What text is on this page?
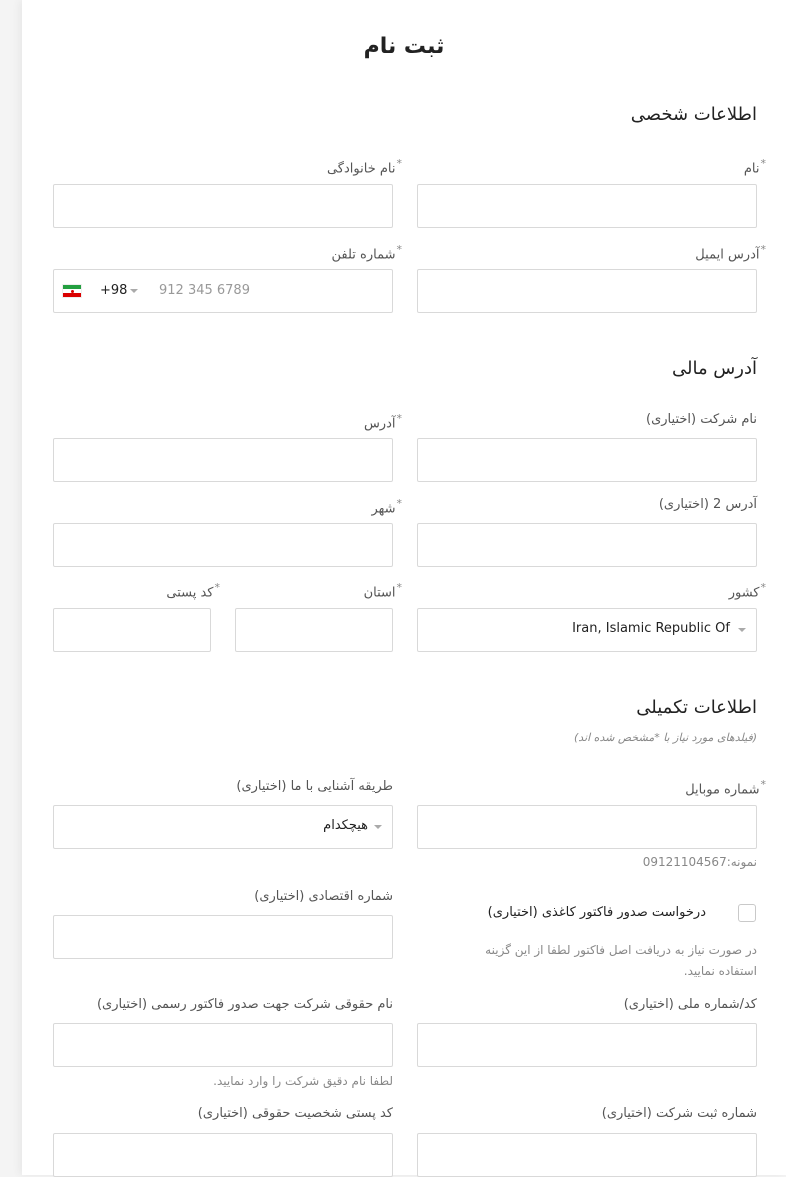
ثبت نام
اطلاعات شخصی
*نام
*نام خانوادگی
*آدرس ایمیل
*شماره تلفن
98+ 912 345 6789
آدرس مالی
نام شرکت (اختیاری)
*آدرس
آدرس 2 (اختیاری)
*شهر
*کشور
Iran, Islamic Republic Of
*استان
*کد پستی
اطلاعات تکمیلی
(فیلدهای مورد نیاز با *مشخص شده اند)
*شماره موبایل
نمونه:09121104567
طریقه آشنایی با ما (اختیاری)
هیچکدام
درخواست صدور فاکتور کاغذی (اختیاری)
در صورت نیاز به دریافت اصل فاکتور لطفا از این گزینه
استفاده نمایید.
شماره اقتصادی (اختیاری)
کد/شماره ملی (اختیاری)
نام حقوقی شرکت جهت صدور فاکتور رسمی (اختیاری)
لطفا نام دقیق شرکت را وارد نمایید.
شماره ثبت شرکت (اختیاری)
کد پستی شخصیت حقوقی (اختیاری)
